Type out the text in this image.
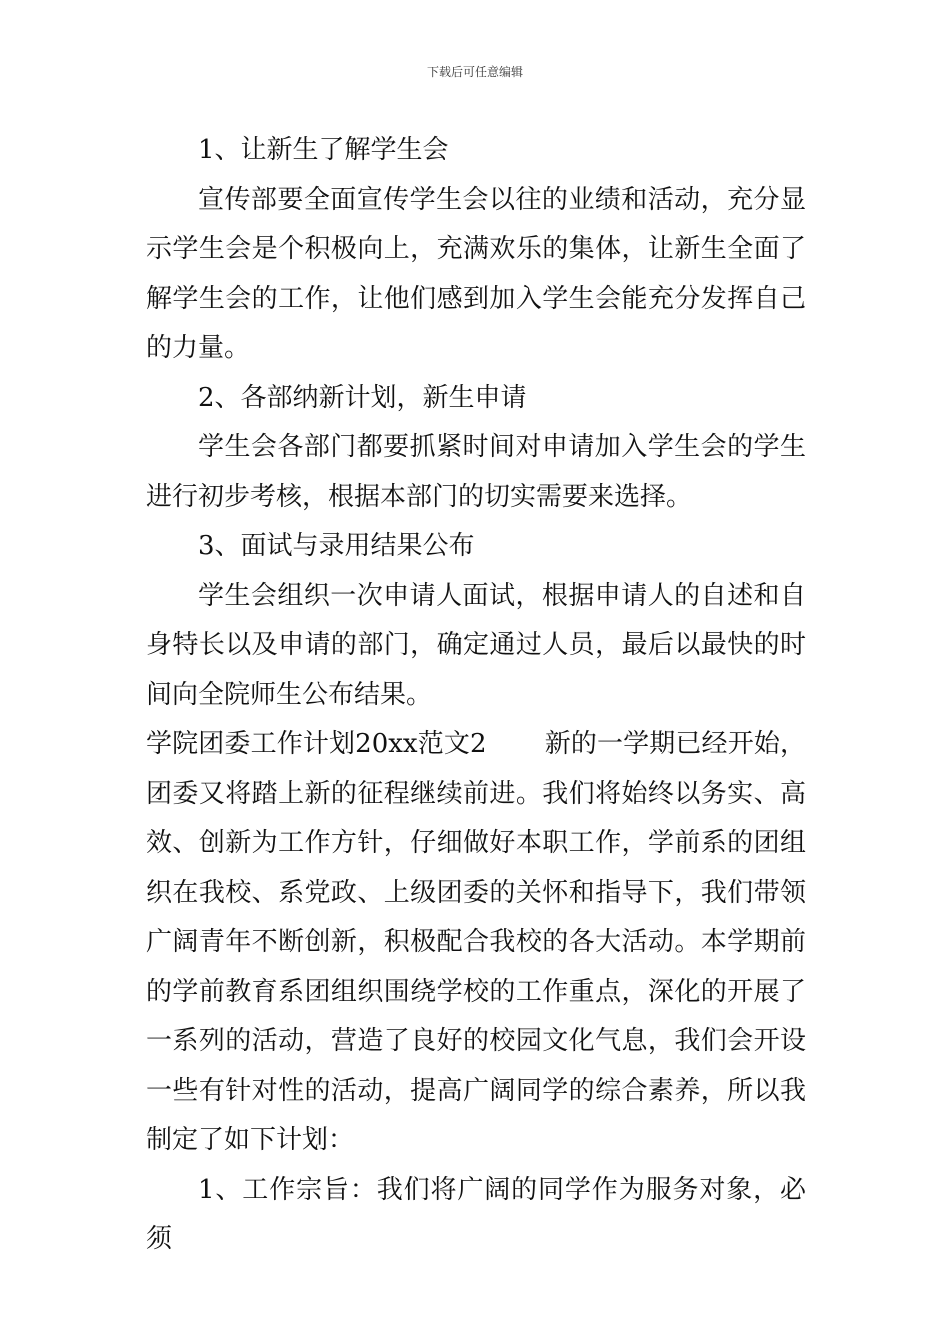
下载后可任意编辑

1、让新生了解学生会

宣传部要全面宣传学生会以往的业绩和活动，充分显示学生会是个积极向上，充满欢乐的集体，让新生全面了解学生会的工作，让他们感到加入学生会能充分发挥自己的力量。

2、各部纳新计划，新生申请

学生会各部门都要抓紧时间对申请加入学生会的学生进行初步考核，根据本部门的切实需要来选择。

3、面试与录用结果公布

学生会组织一次申请人面试，根据申请人的自述和自身特长以及申请的部门，确定通过人员，最后以最快的时间向全院师生公布结果。

学院团委工作计划20xx范文2 新的一学期已经开始，团委又将踏上新的征程继续前进。我们将始终以务实、高效、创新为工作方针，仔细做好本职工作，学前系的团组织在我校、系党政、上级团委的关怀和指导下，我们带领广阔青年不断创新，积极配合我校的各大活动。本学期前的学前教育系团组织围绕学校的工作重点，深化的开展了一系列的活动，营造了良好的校园文化气息，我们会开设一些有针对性的活动，提高广阔同学的综合素养，所以我制定了如下计划：

1、工作宗旨：我们将广阔的同学作为服务对象，必须
